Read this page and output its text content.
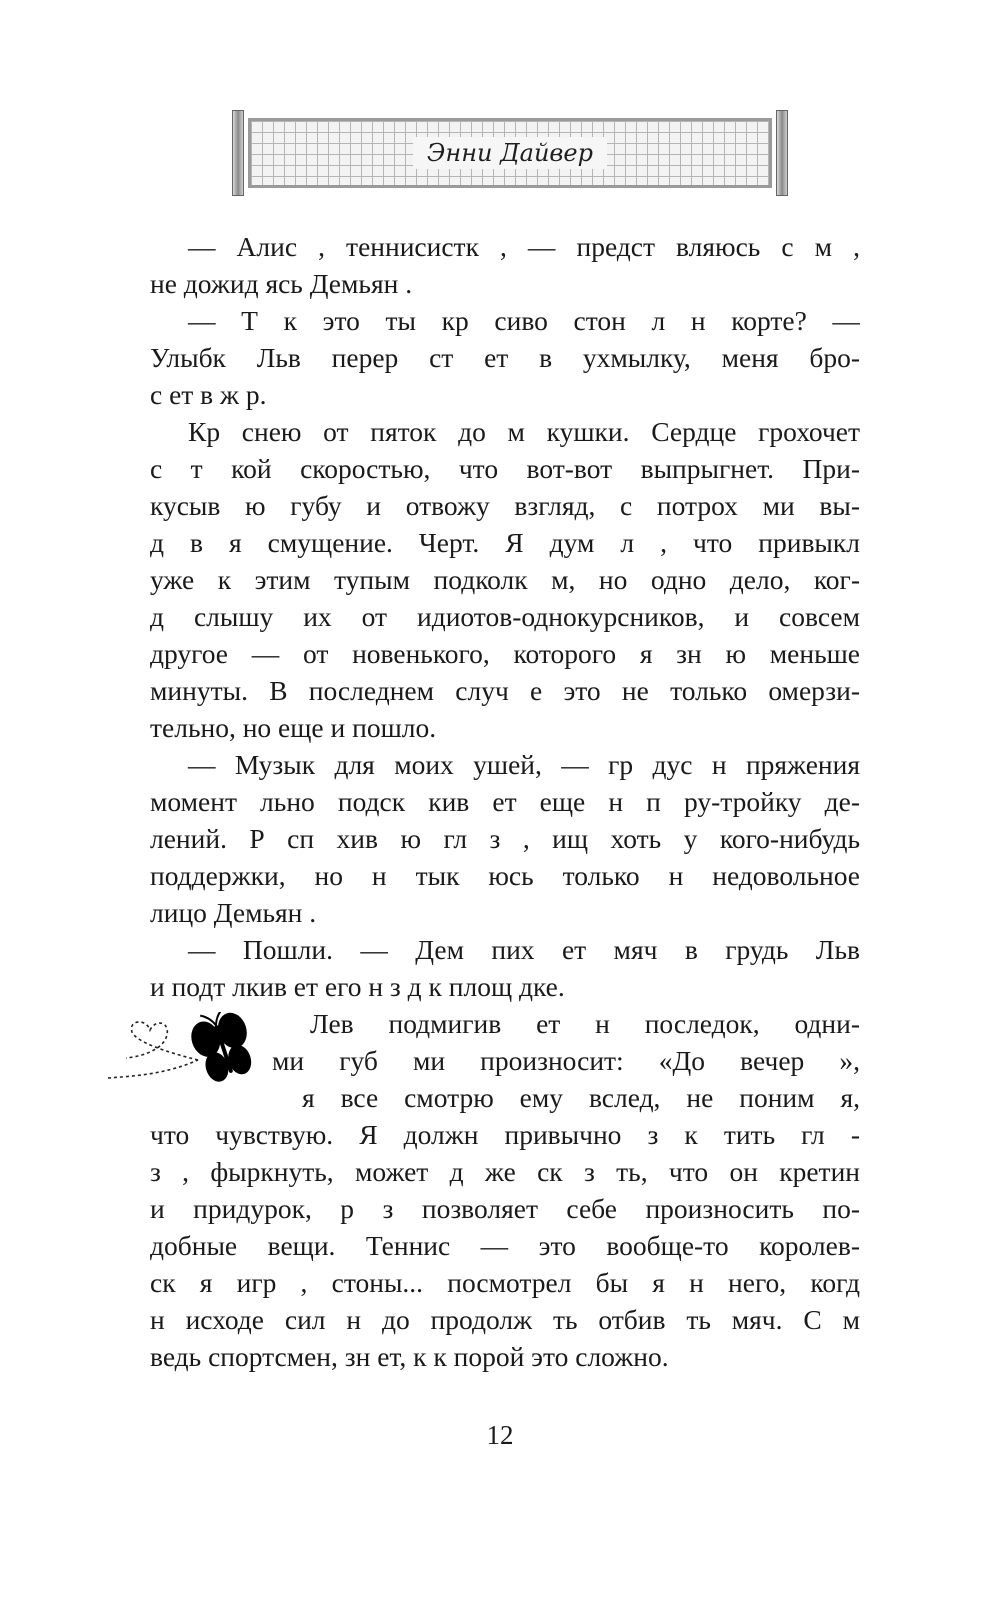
Энни Дайвер
— Алис , теннисистк , — предст вляюсь с м ,
не дожид ясь Демьян .
— Т к это ты кр сиво стон л н корте? —
Улыбк Льв перер ст ет в ухмылку, меня бро-
с ет в ж р.
Кр снею от пяток до м кушки. Сердце грохочет
с т кой скоростью, что вот-вот выпрыгнет. При-
кусыв ю губу и отвожу взгляд, с потрох ми вы-
д в я смущение. Черт. Я дум л , что привыкл
уже к этим тупым подколк м, но одно дело, ког-
д слышу их от идиотов-однокурсников, и совсем
другое — от новенького, которого я зн ю меньше
минуты. В последнем случ е это не только омерзи-
тельно, но еще и пошло.
— Музык для моих ушей, — гр дус н пряжения
момент льно подск кив ет еще н п ру-тройку де-
лений. Р сп хив ю гл з , ищ хоть у кого-нибудь
поддержки, но н тык юсь только н недовольное
лицо Демьян .
— Пошли. — Дем пих ет мяч в грудь Льв
и подт лкив ет его н з д к площ дке.
Лев подмигив ет н последок, одни-
ми губ ми произносит: «До вечер »,
я все смотрю ему вслед, не поним я,
что чувствую. Я должн привычно з к тить гл -
з , фыркнуть, может д же ск з ть, что он кретин
и придурок, р з позволяет себе произносить по-
добные вещи. Теннис — это вообще-то королев-
ск я игр , стоны... посмотрел бы я н него, когд
н исходе сил н до продолж ть отбив ть мяч. С м
ведь спортсмен, зн ет, к к порой это сложно.
12
